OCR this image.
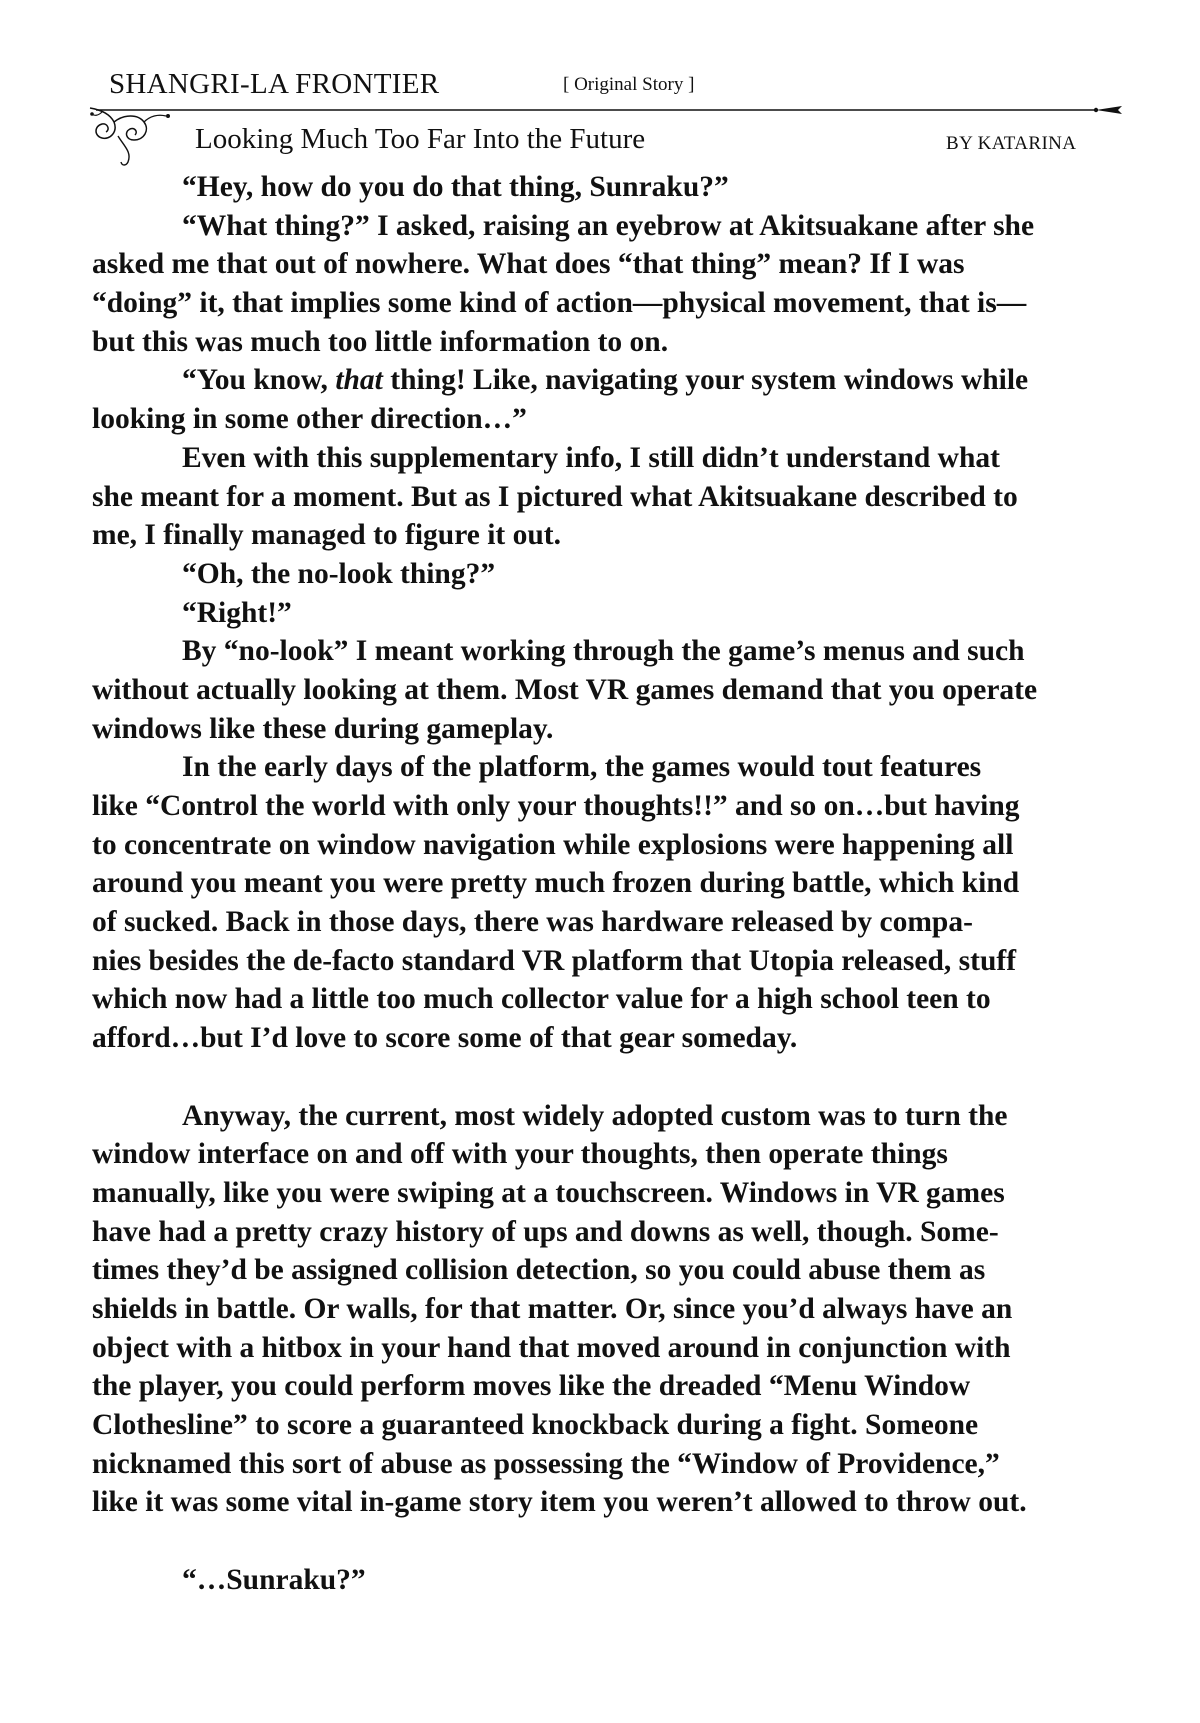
SHANGRI-LA FRONTIER	[ Original Story ]
Looking Much Too Far Into the Future	BY KATARINA
“Hey, how do you do that thing, Sunraku?”
“What thing?” I asked, raising an eyebrow at Akitsuakane after she
asked me that out of nowhere. What does “that thing” mean? If I was
“doing” it, that implies some kind of action—physical movement, that is—
but this was much too little information to on.
“You know, that thing! Like, navigating your system windows while
looking in some other direction…”
Even with this supplementary info, I still didn’t understand what
she meant for a moment. But as I pictured what Akitsuakane described to
me, I finally managed to figure it out.
“Oh, the no-look thing?”
“Right!”
By “no-look” I meant working through the game’s menus and such
without actually looking at them. Most VR games demand that you operate
windows like these during gameplay.
In the early days of the platform, the games would tout features
like “Control the world with only your thoughts!!” and so on…but having
to concentrate on window navigation while explosions were happening all
around you meant you were pretty much frozen during battle, which kind
of sucked. Back in those days, there was hardware released by compa-
nies besides the de-facto standard VR platform that Utopia released, stuff
which now had a little too much collector value for a high school teen to
afford…but I’d love to score some of that gear someday.
Anyway, the current, most widely adopted custom was to turn the
window interface on and off with your thoughts, then operate things
manually, like you were swiping at a touchscreen. Windows in VR games
have had a pretty crazy history of ups and downs as well, though. Some-
times they’d be assigned collision detection, so you could abuse them as
shields in battle. Or walls, for that matter. Or, since you’d always have an
object with a hitbox in your hand that moved around in conjunction with
the player, you could perform moves like the dreaded “Menu Window
Clothesline” to score a guaranteed knockback during a fight. Someone
nicknamed this sort of abuse as possessing the “Window of Providence,”
like it was some vital in-game story item you weren’t allowed to throw out.
“…Sunraku?”
